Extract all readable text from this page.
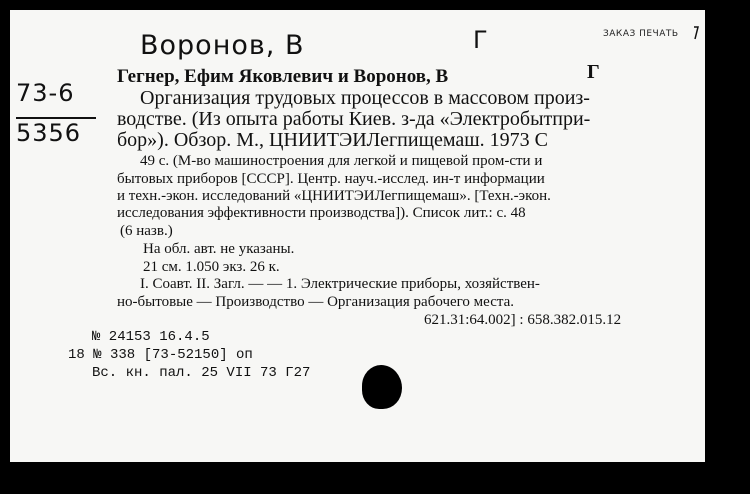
Воронов, В	Г	ЗАКАЗ ПЕЧАТЬ
73-6
5356
Гегнер, Ефим Яковлевич и Воронов, В	Г
Организация трудовых процессов в массовом произ-
водстве. (Из опыта работы Киев. з-да «Электробытпри-
бор»). Обзор. М., ЦНИИТЭИЛегпищемаш. 1973 С
49 с. (М-во машиностроения для легкой и пищевой пром-сти и
бытовых приборов [СССР]. Центр. науч.-исслед. ин-т информации
и техн.-экон. исследований «ЦНИИТЭИЛегпищемаш». [Техн.-экон.
исследования эффективности производства]). Список лит.: с. 48
(6 назв.)
На обл. авт. не указаны.
21 см. 1.050 экз. 26 к.
I. Соавт. II. Загл. — — 1. Электрические приборы, хозяйствен-
но-бытовые — Производство — Организация рабочего места.
621.31:64.002] : 658.382.015.12
№ 24153 16.4.5
18 № 338 [73-52150] оп
Вс. кн. пал. 25 VII 73 Г27
